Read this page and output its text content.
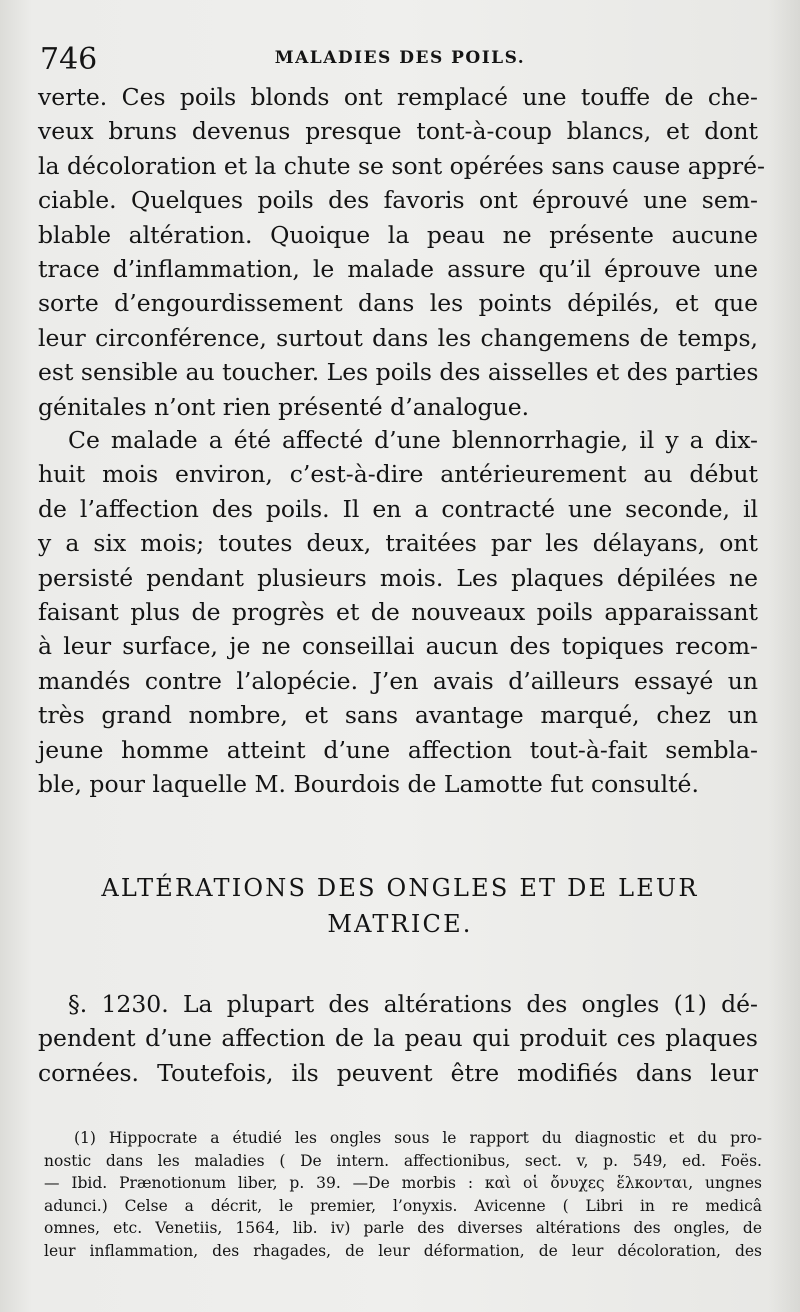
746	MALADIES DES POILS.
verte. Ces poils blonds ont remplacé une touffe de che-
veux bruns devenus presque tont-à-coup blancs, et dont
la décoloration et la chute se sont opérées sans cause appré-
ciable. Quelques poils des favoris ont éprouvé une sem-
blable altération. Quoique la peau ne présente aucune
trace d’inflammation, le malade assure qu’il éprouve une
sorte d’engourdissement dans les points dépilés, et que
leur circonférence, surtout dans les changemens de temps,
est sensible au toucher. Les poils des aisselles et des parties
génitales n’ont rien présenté d’analogue.
Ce malade a été affecté d’une blennorrhagie, il y a dix-
huit mois environ, c’est-à-dire antérieurement au début
de l’affection des poils. Il en a contracté une seconde, il
y a six mois; toutes deux, traitées par les délayans, ont
persisté pendant plusieurs mois. Les plaques dépilées ne
faisant plus de progrès et de nouveaux poils apparaissant
à leur surface, je ne conseillai aucun des topiques recom-
mandés contre l’alopécie. J’en avais d’ailleurs essayé un
très grand nombre, et sans avantage marqué, chez un
jeune homme atteint d’une affection tout-à-fait sembla-
ble, pour laquelle M. Bourdois de Lamotte fut consulté.
ALTÉRATIONS DES ONGLES ET DE LEUR
MATRICE.
§. 1230. La plupart des altérations des ongles (1) dé-
pendent d’une affection de la peau qui produit ces plaques
cornées. Toutefois, ils peuvent être modifiés dans leur
(1) Hippocrate a étudié les ongles sous le rapport du diagnostic et du pro-
nostic dans les maladies ( De intern. affectionibus, sect. v, p. 549, ed. Foës.
— Ibid. Prænotionum liber, p. 39. —De morbis : καὶ οἱ ὄνυχες ἕλκονται, ungnes
adunci.) Celse a décrit, le premier, l’onyxis. Avicenne ( Libri in re medicâ
omnes, etc. Venetiis, 1564, lib. iv) parle des diverses altérations des ongles, de
leur inflammation, des rhagades, de leur déformation, de leur décoloration, des
